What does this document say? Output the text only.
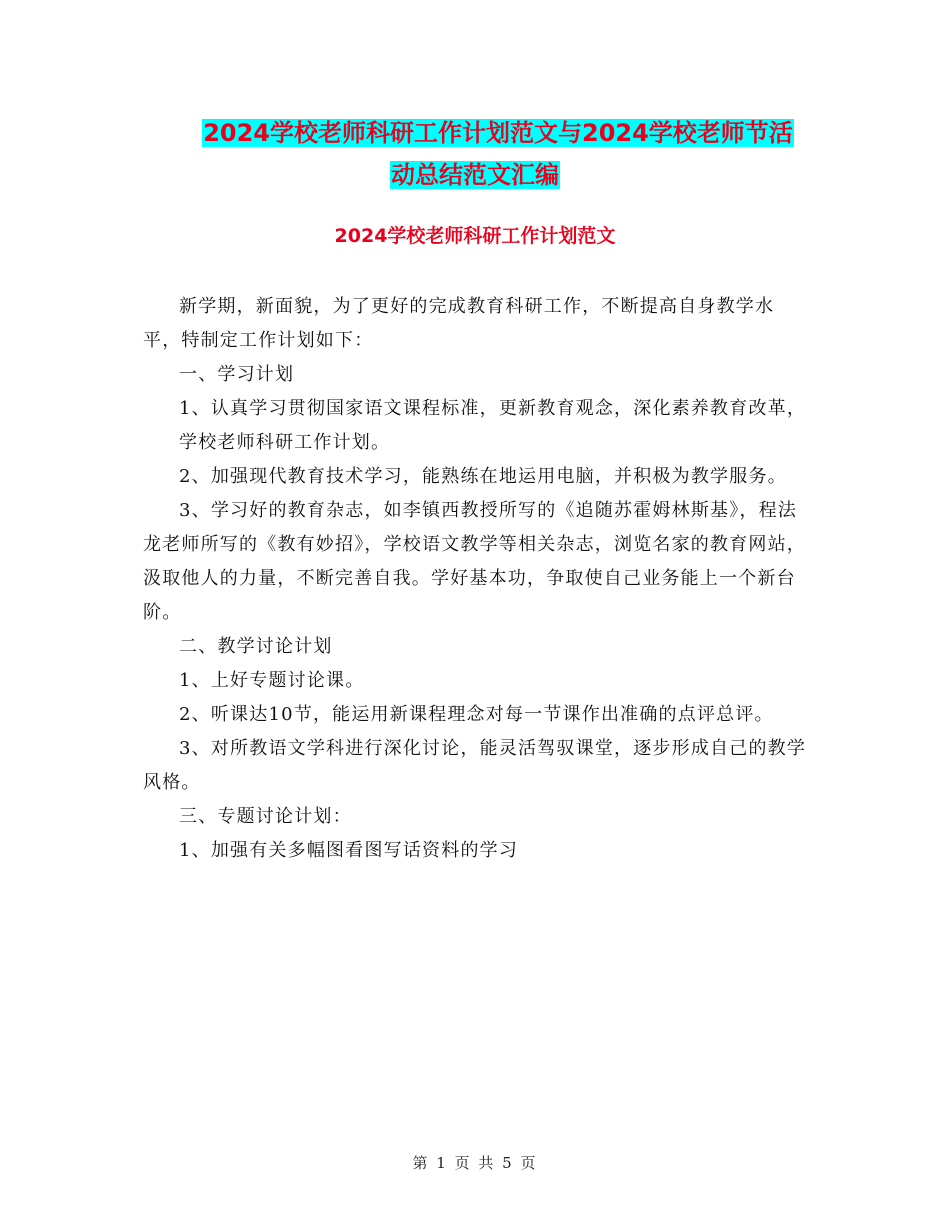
2024学校老师科研工作计划范文与2024学校老师节活
动总结范文汇编
2024学校老师科研工作计划范文

新学期，新面貌，为了更好的完成教育科研工作，不断提高自身教学水平，特制定工作计划如下：

一、学习计划

1、认真学习贯彻国家语文课程标准，更新教育观念，深化素养教育改革，

学校老师科研工作计划。

2、加强现代教育技术学习，能熟练在地运用电脑，并积极为教学服务。

3、学习好的教育杂志，如李镇西教授所写的《追随苏霍姆林斯基》，程法龙老师所写的《教有妙招》，学校语文教学等相关杂志，浏览名家的教育网站，汲取他人的力量，不断完善自我。学好基本功，争取使自己业务能上一个新台阶。

二、教学讨论计划

1、上好专题讨论课。

2、听课达10节，能运用新课程理念对每一节课作出准确的点评总评。

3、对所教语文学科进行深化讨论，能灵活驾驭课堂，逐步形成自己的教学风格。

三、专题讨论计划：

1、加强有关多幅图看图写话资料的学习

第 1 页 共 5 页
